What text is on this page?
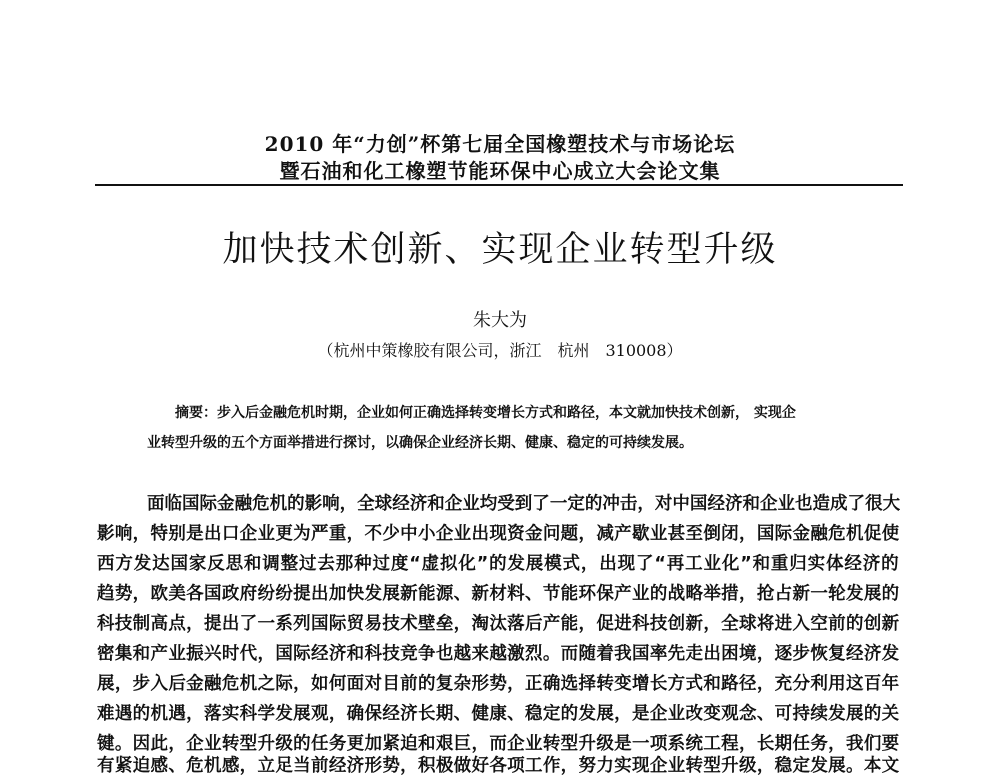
2010 年“力创”杯第七届全国橡塑技术与市场论坛
暨石油和化工橡塑节能环保中心成立大会论文集
加快技术创新、实现企业转型升级
朱大为
（杭州中策橡胶有限公司，浙江　杭州　310008）
摘要：步入后金融危机时期，企业如何正确选择转变增长方式和路径，本文就加快技术创新， 实现企
业转型升级的五个方面举措进行探讨，以确保企业经济长期、健康、稳定的可持续发展。
面临国际金融危机的影响，全球经济和企业均受到了一定的冲击，对中国经济和企业也造成了很大
影响，特别是出口企业更为严重，不少中小企业出现资金问题，减产歇业甚至倒闭，国际金融危机促使
西方发达国家反思和调整过去那种过度“虚拟化”的发展模式，出现了“再工业化”和重归实体经济的
趋势，欧美各国政府纷纷提出加快发展新能源、新材料、节能环保产业的战略举措，抢占新一轮发展的
科技制高点，提出了一系列国际贸易技术壁垒，淘汰落后产能，促进科技创新，全球将进入空前的创新
密集和产业振兴时代，国际经济和科技竞争也越来越激烈。而随着我国率先走出困境，逐步恢复经济发
展，步入后金融危机之际，如何面对目前的复杂形势，正确选择转变增长方式和路径，充分利用这百年
难遇的机遇，落实科学发展观，确保经济长期、健康、稳定的发展，是企业改变观念、可持续发展的关
键。因此，企业转型升级的任务更加紧迫和艰巨，而企业转型升级是一项系统工程，长期任务，我们要
有紧迫感、危机感，立足当前经济形势，积极做好各项工作，努力实现企业转型升级，稳定发展。本文
